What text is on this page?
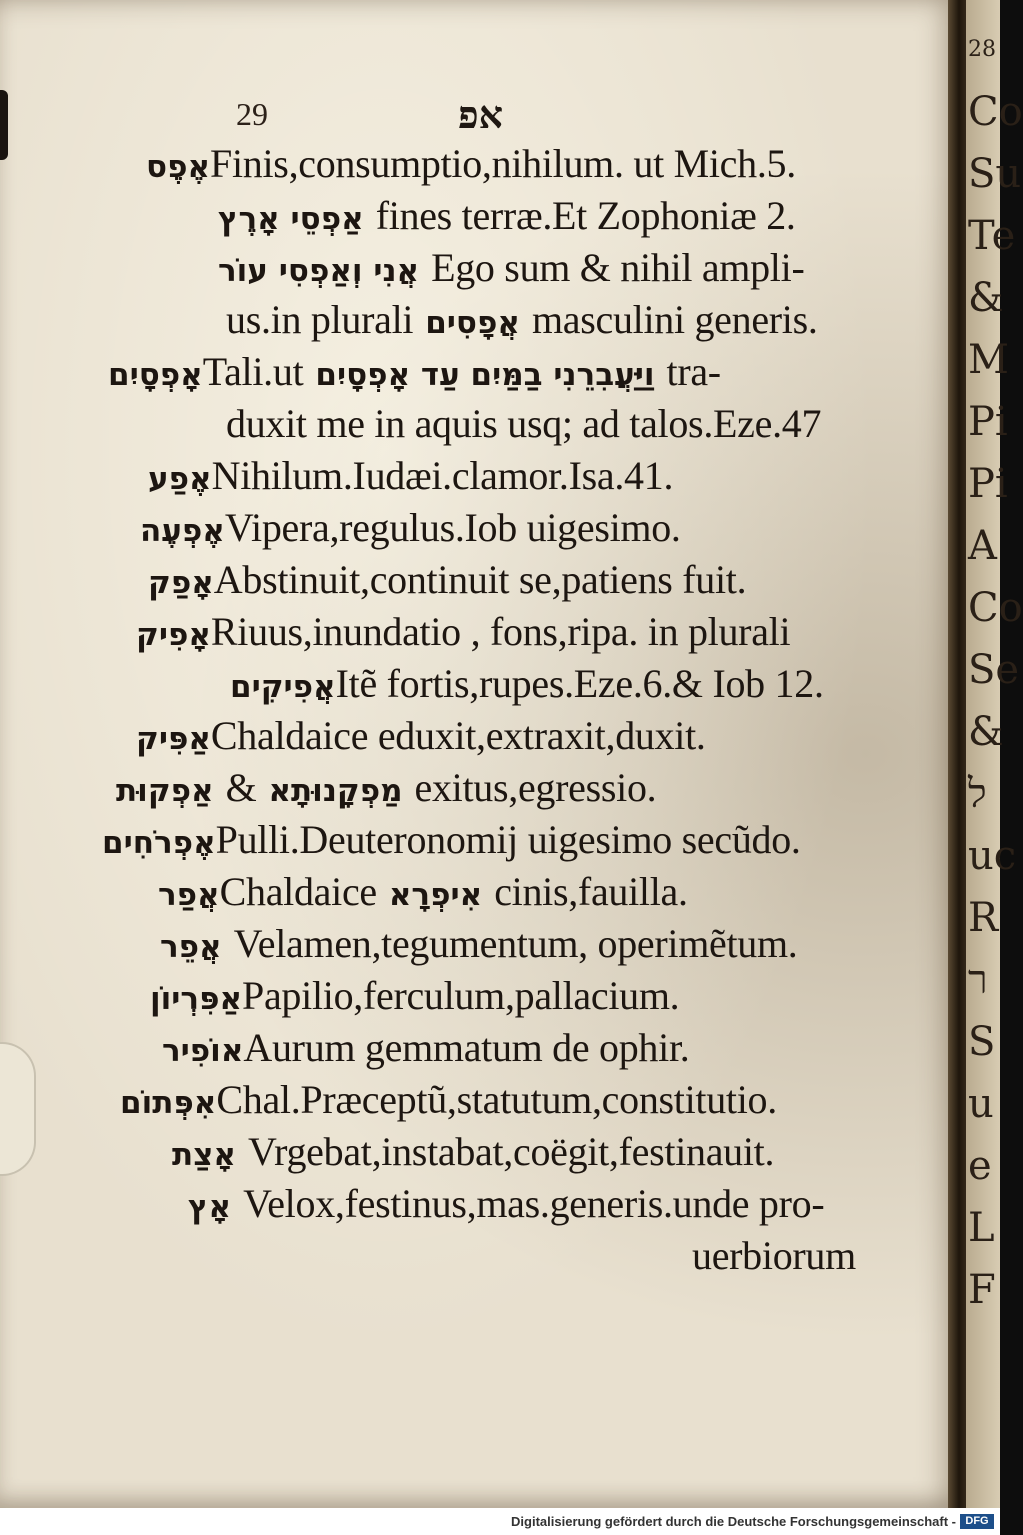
29	אפ
אֶפֶסFinis,consumptio,nihilum. ut Mich.5.
אַפְסֵי אָרֶץ fines terræ.Et Zophoniæ 2.
אֲנִי וְאַפְסִי עוֹר Ego sum & nihil ampli-
us.in plurali אֲפָסִים masculini generis.
אָפְסָיִםTali.ut וַיַּעֲבִרֵנִי בַמַּיִם עַד אָפְסָיִם tra-
duxit me in aquis usq; ad talos.Eze.47
אֶפַעNihilum.Iudæi.clamor.Isa.41.
אֶפְעֶהVipera,regulus.Iob uigesimo.
אָפַקAbstinuit,continuit se,patiens fuit.
אָפִיקRiuus,inundatio , fons,ripa. in plurali
אֲפִיקִיםItẽ fortis,rupes.Eze.6.& Iob 12.
אַפִּיקChaldaice eduxit,extraxit,duxit.
אַפְקוּת & מַפְקָנוּתָא exitus,egressio.
אֶפְרֹחִיםPulli.Deuteronomij uigesimo secũdo.
אֲפַרChaldaice אִיפְרָא cinis,fauilla.
אֲפֵר Velamen,tegumentum, operimẽtum.
אַפִּרְיוֹןPapilio,ferculum,pallacium.
אוֹפִירAurum gemmatum de ophir.
אִפְּתוֹםChal.Præceptũ,statutum,constitutio.
אָצַת Vrgebat,instabat,coëgit,festinauit.
אָץ Velox,festinus,mas.generis.unde pro-
uerbiorum
28
Co
Su
Te
&
M
Pi
Pi
A
Co
Se
&
ל
uc
R
ר
S
u
e
L
F
Digitalisierung gefördert durch die Deutsche Forschungsgemeinschaft - DFG
